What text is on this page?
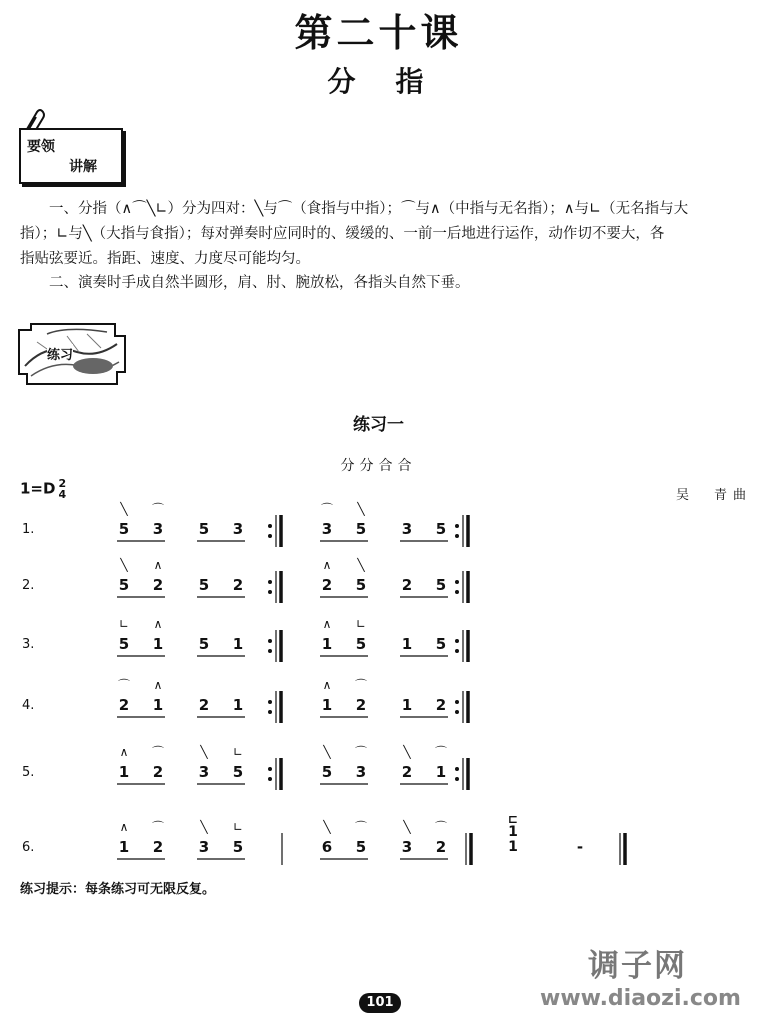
第二十课
分　指
要领
讲解
　　一、分指（∧⌒╲∟）分为四对：╲与⌒（食指与中指）；⌒与∧（中指与无名指）；∧与∟（无名指与大
指）；∟与╲（大指与食指）；每对弹奏时应同时的、缓缓的、一前一后地进行运作，动作切不要大，各
指贴弦要近。指距、速度、力度尽可能均匀。
　　二、演奏时手成自然半圆形，肩、肘、腕放松，各指头自然下垂。
练习
练习一
分分合合
1=D 2
4	吴　青曲
1.	5
╲
3
⌒
5 3	3
⌒
5
╲
3 5
2.	5
╲
2
∧
5 2	2
∧
5
╲
2 5
3.	5
∟
1
∧
5 1	1
∧
5
∟
1 5
4.	2
⌒
1
∧
2 1	1
∧
2
⌒
1 2
5.	1
∧
2
⌒
3
╲
5
∟
5
╲
3
⌒
2
╲
1
⌒
6.	1
∧
2
⌒
3
╲
5
∟
6
╲
5
⌒
3
╲
2
⌒
⊏
1
1	-
练习提示：每条练习可无限反复。
调子网
www.diaozi.com
101
